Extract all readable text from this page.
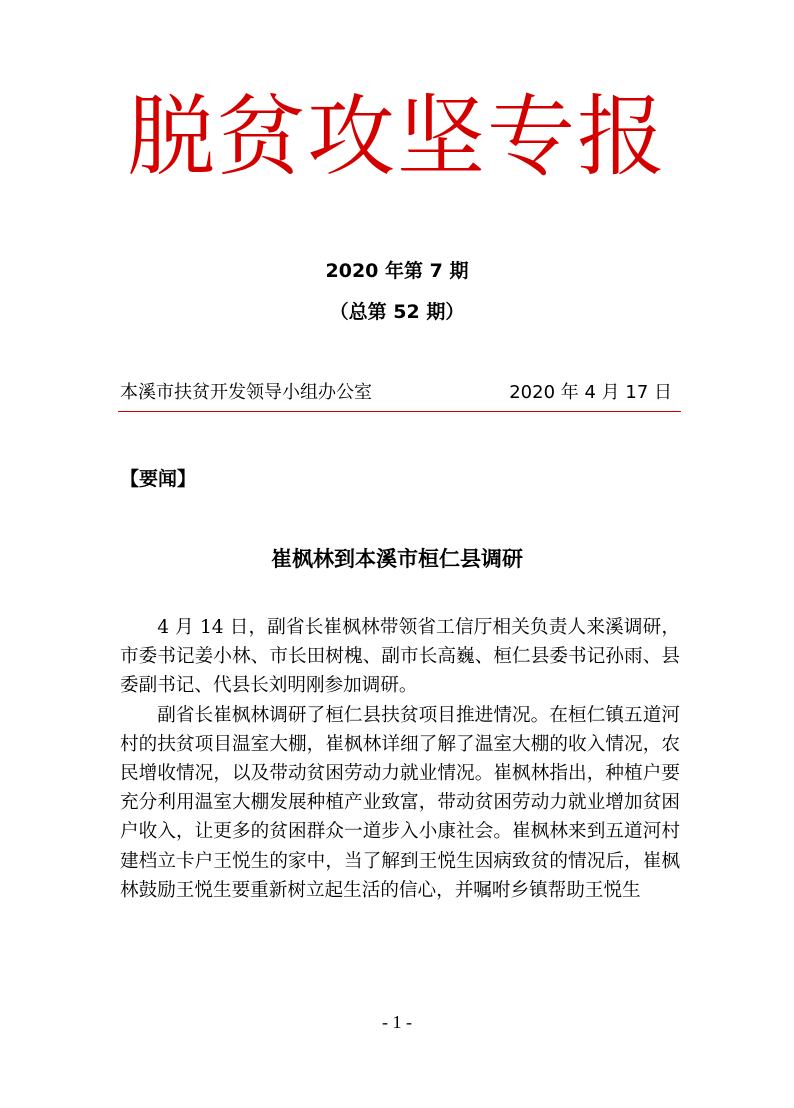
脱贫攻坚专报
2020 年第 7 期
（总第 52 期）
本溪市扶贫开发领导小组办公室	2020 年 4 月 17 日
【要闻】
崔枫林到本溪市桓仁县调研

4 月 14 日，副省长崔枫林带领省工信厅相关负责人来溪调研，市委书记姜小林、市长田树槐、副市长高巍、桓仁县委书记孙雨、县委副书记、代县长刘明刚参加调研。

副省长崔枫林调研了桓仁县扶贫项目推进情况。在桓仁镇五道河村的扶贫项目温室大棚，崔枫林详细了解了温室大棚的收入情况，农民增收情况，以及带动贫困劳动力就业情况。崔枫林指出，种植户要充分利用温室大棚发展种植产业致富，带动贫困劳动力就业增加贫困户收入，让更多的贫困群众一道步入小康社会。崔枫林来到五道河村建档立卡户王悦生的家中，当了解到王悦生因病致贫的情况后，崔枫林鼓励王悦生要重新树立起生活的信心，并嘱咐乡镇帮助王悦生

- 1 -
